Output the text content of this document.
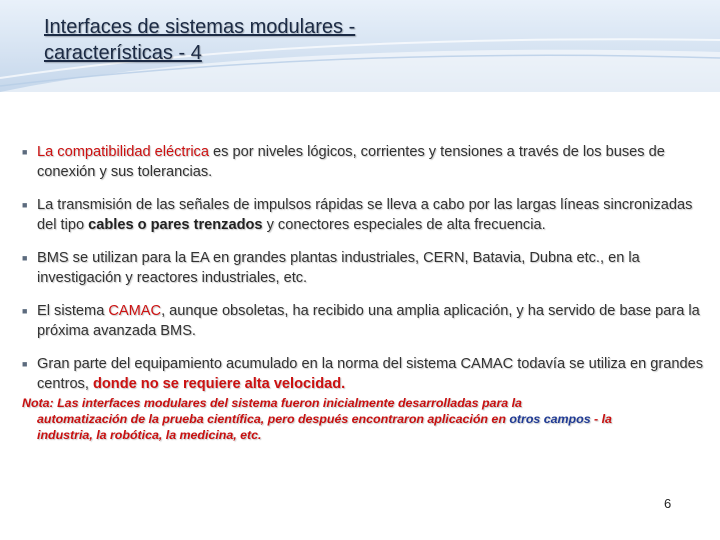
Interfaces de sistemas modulares -
características - 4
■ La compatibilidad eléctrica es por niveles lógicos, corrientes y tensiones a través de los buses de conexión y sus tolerancias.
■ La transmisión de las señales de impulsos rápidas se lleva a cabo por las largas líneas sincronizadas del tipo cables o pares trenzados y conectores especiales de alta frecuencia.
■ BMS se utilizan para la EA en grandes plantas industriales, CERN, Batavia, Dubna etc., en la investigación y reactores industriales, etc.
■ El sistema CAMAC, aunque obsoletas, ha recibido una amplia aplicación, y ha servido de base para la próxima avanzada BMS.
■ Gran parte del equipamiento acumulado en la norma del sistema CAMAC todavía se utiliza en grandes centros, donde no se requiere alta velocidad.
Nota: Las interfaces modulares del sistema fueron inicialmente desarrolladas para la
automatización de la prueba científica, pero después encontraron aplicación en otros campos - la
industria, la robótica, la medicina, etc.
6
